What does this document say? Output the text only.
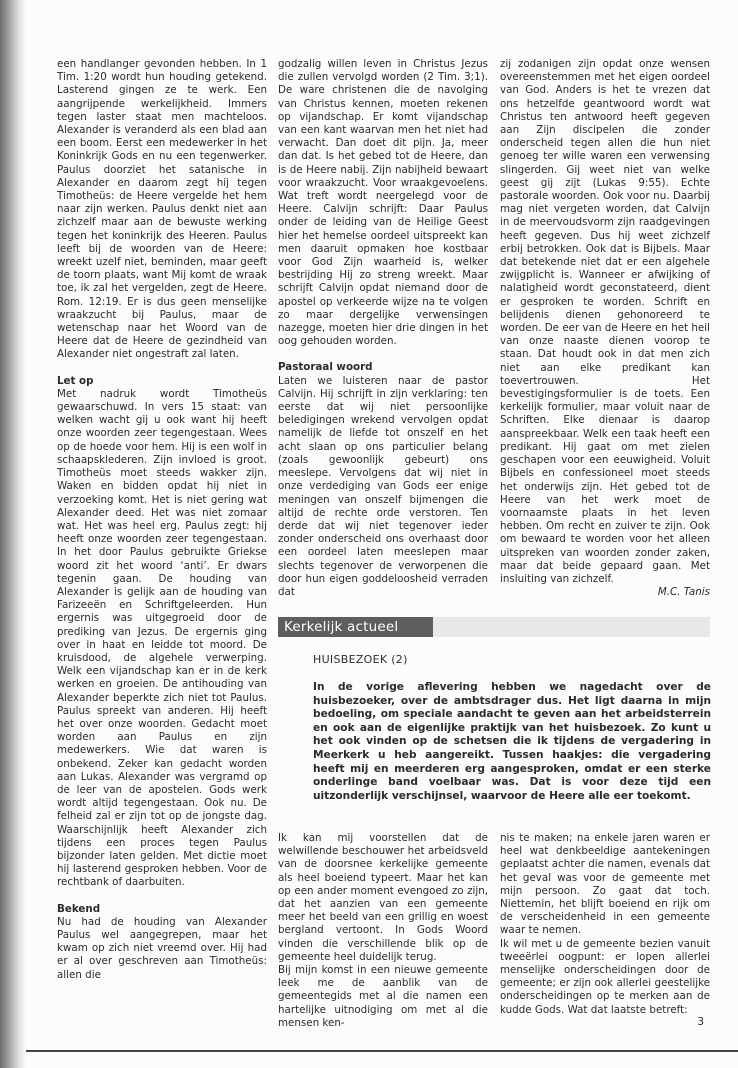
een handlanger gevonden hebben. In 1 Tim. 1:20 wordt hun houding getekend. Lasterend gingen ze te werk. Een aangrijpende werkelijkheid. Immers tegen laster staat men machteloos. Alexander is veranderd als een blad aan een boom. Eerst een medewerker in het Koninkrijk Gods en nu een tegenwerker. Paulus doorziet het satanische in Alexander en daarom zegt hij tegen Timotheüs: de Heere vergelde het hem naar zijn werken. Paulus denkt niet aan zichzelf maar aan de bewuste werking tegen het koninkrijk des Heeren. Paulus leeft bij de woorden van de Heere: wreekt uzelf niet, beminden, maar geeft de toorn plaats, want Mij komt de wraak toe, ik zal het vergelden, zegt de Heere. Rom. 12:19. Er is dus geen menselijke wraakzucht bij Paulus, maar de wetenschap naar het Woord van de Heere dat de Heere de gezindheid van Alexander niet ongestraft zal laten.

Let op

Met nadruk wordt Timotheüs gewaarschuwd. In vers 15 staat: van welken wacht gij u ook want hij heeft onze woorden zeer tegengestaan. Wees op de hoede voor hem. Hij is een wolf in schaapsklederen. Zijn invloed is groot. Timotheüs moet steeds wakker zijn. Waken en bidden opdat hij niet in verzoeking komt. Het is niet gering wat Alexander deed. Het was niet zomaar wat. Het was heel erg. Paulus zegt: hij heeft onze woorden zeer tegengestaan. In het door Paulus gebruikte Griekse woord zit het woord ‘anti’. Er dwars tegenin gaan. De houding van Alexander is gelijk aan de houding van Farizeeën en Schriftgeleerden. Hun ergernis was uitgegroeid door de prediking van Jezus. De ergernis ging over in haat en leidde tot moord. De kruisdood, de algehele verwerping. Welk een vijandschap kan er in de kerk werken en groeien. De antihouding van Alexander beperkte zich niet tot Paulus. Paulus spreekt van anderen. Hij heeft het over onze woorden. Gedacht moet worden aan Paulus en zijn medewerkers. Wie dat waren is onbekend. Zeker kan gedacht worden aan Lukas. Alexander was vergramd op de leer van de apostelen. Gods werk wordt altijd tegengestaan. Ook nu. De felheid zal er zijn tot op de jongste dag. Waarschijnlijk heeft Alexander zich tijdens een proces tegen Paulus bijzonder laten gelden. Met dictie moet hij lasterend gesproken hebben. Voor de rechtbank of daarbuiten.

Bekend

Nu had de houding van Alexander Paulus wel aangegrepen, maar het kwam op zich niet vreemd over. Hij had er al over geschreven aan Timotheüs: allen die

godzalig willen leven in Christus Jezus die zullen vervolgd worden (2 Tim. 3;1). De ware christenen die de navolging van Christus kennen, moeten rekenen op vijandschap. Er komt vijandschap van een kant waarvan men het niet had verwacht. Dan doet dit pijn. Ja, meer dan dat. Is het gebed tot de Heere, dan is de Heere nabij. Zijn nabijheid bewaart voor wraakzucht. Voor wraakgevoelens. Wat treft wordt neergelegd voor de Heere. Calvijn schrijft: Daar Paulus onder de leiding van de Heilige Geest hier het hemelse oordeel uitspreekt kan men daaruit opmaken hoe kostbaar voor God Zijn waarheid is, welker bestrijding Hij zo streng wreekt. Maar schrijft Calvijn opdat niemand door de apostel op verkeerde wijze na te volgen zo maar dergelijke verwensingen nazegge, moeten hier drie dingen in het oog gehouden worden.

Pastoraal woord

Laten we luisteren naar de pastor Calvijn. Hij schrijft in zijn verklaring: ten eerste dat wij niet persoonlijke beledigingen wrekend vervolgen opdat namelijk de liefde tot onszelf en het acht slaan op ons particulier belang (zoals gewoonlijk gebeurt) ons meeslepe. Vervolgens dat wij niet in onze verdediging van Gods eer enige meningen van onszelf bijmengen die altijd de rechte orde verstoren. Ten derde dat wij niet tegenover ieder zonder onderscheid ons overhaast door een oordeel laten meeslepen maar slechts tegenover de verworpenen die door hun eigen goddeloosheid verraden dat

zij zodanigen zijn opdat onze wensen overeenstemmen met het eigen oordeel van God. Anders is het te vrezen dat ons hetzelfde geantwoord wordt wat Christus ten antwoord heeft gegeven aan Zijn discipelen die zonder onderscheid tegen allen die hun niet genoeg ter wille waren een verwensing slingerden. Gij weet niet van welke geest gij zijt (Lukas 9:55). Echte pastorale woorden. Ook voor nu. Daarbij mag niet vergeten worden, dat Calvijn in de meervoudsvorm zijn raadgevingen heeft gegeven. Dus hij weet zichzelf erbij betrokken. Ook dat is Bijbels. Maar dat betekende niet dat er een algehele zwijgplicht is. Wanneer er afwijking of nalatigheid wordt geconstateerd, dient er gesproken te worden. Schrift en belijdenis dienen gehonoreerd te worden. De eer van de Heere en het heil van onze naaste dienen voorop te staan. Dat houdt ook in dat men zich niet aan elke predikant kan toevertrouwen. Het bevestigingsformulier is de toets. Een kerkelijk formulier, maar voluit naar de Schriften. Elke dienaar is daarop aanspreekbaar. Welk een taak heeft een predikant. Hij gaat om met zielen geschapen voor een eeuwigheid. Voluit Bijbels en confessioneel moet steeds het onderwijs zijn. Het gebed tot de Heere van het werk moet de voornaamste plaats in het leven hebben. Om recht en zuiver te zijn. Ook om bewaard te worden voor het alleen uitspreken van woorden zonder zaken, maar dat beide gepaard gaan. Met insluiting van zichzelf.

M.C. Tanis

Kerkelijk actueel
HUISBEZOEK (2)
In de vorige aflevering hebben we nagedacht over de huisbezoeker, over de ambtsdrager dus. Het ligt daarna in mijn bedoeling, om speciale aandacht te geven aan het arbeidsterrein en ook aan de eigenlijke praktijk van het huisbezoek. Zo kunt u het ook vinden op de schetsen die ik tijdens de vergadering in Meerkerk u heb aangereikt. Tussen haakjes: die vergadering heeft mij en meerderen erg aangesproken, omdat er een sterke onderlinge band voelbaar was. Dat is voor deze tijd een uitzonderlijk verschijnsel, waarvoor de Heere alle eer toekomt.

Ik kan mij voorstellen dat de welwillende beschouwer het arbeidsveld van de doorsnee kerkelijke gemeente als heel boeiend typeert. Maar het kan op een ander moment evengoed zo zijn, dat het aanzien van een gemeente meer het beeld van een grillig en woest bergland vertoont. In Gods Woord vinden die verschillende blik op de gemeente heel duidelijk terug.

Bij mijn komst in een nieuwe gemeente leek me de aanblik van de gemeentegids met al die namen een hartelijke uitnodiging om met al die mensen ken-

nis te maken; na enkele jaren waren er heel wat denkbeeldige aantekeningen geplaatst achter die namen, evenals dat het geval was voor de gemeente met mijn persoon. Zo gaat dat toch. Niettemin, het blijft boeiend en rijk om de verscheidenheid in een gemeente waar te nemen.

Ik wil met u de gemeente bezien vanuit tweeërlei oogpunt: er lopen allerlei menselijke onderscheidingen door de gemeente; er zijn ook allerlei geestelijke onderscheidingen op te merken aan de kudde Gods. Wat dat laatste betreft:

3
